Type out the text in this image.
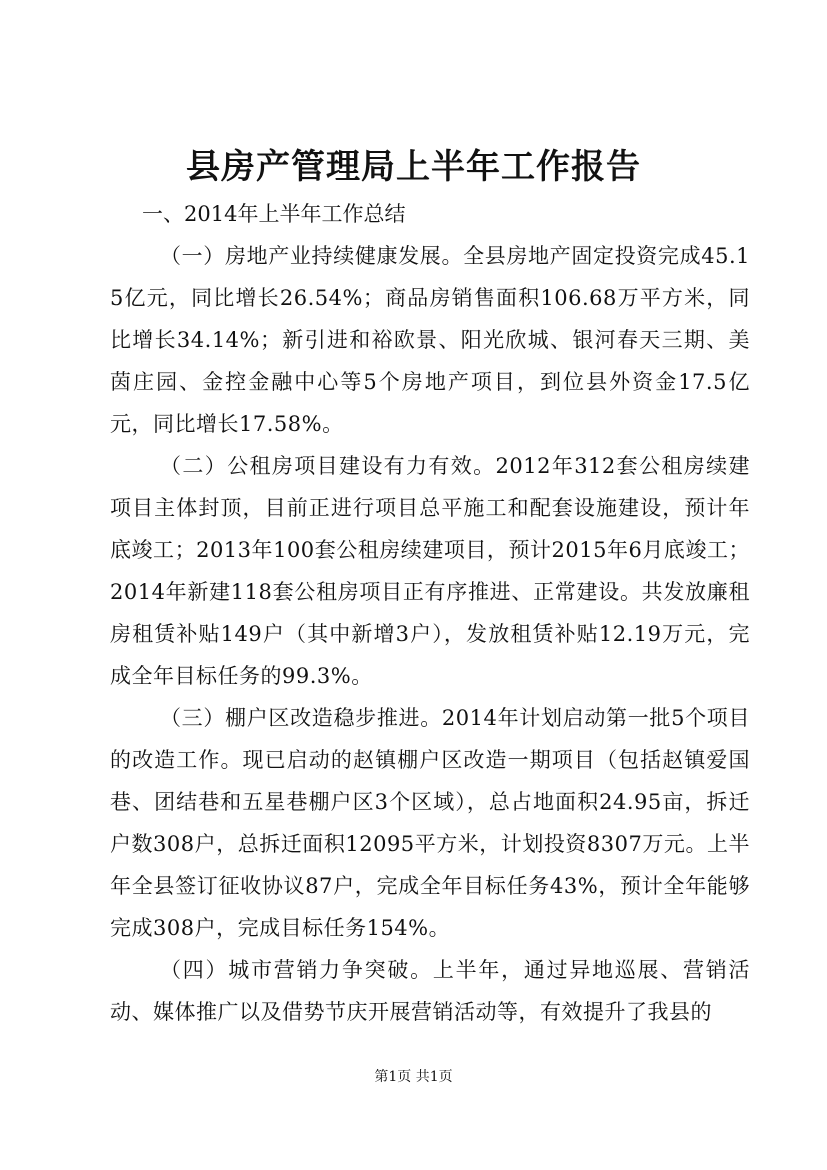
县房产管理局上半年工作报告

一、2014年上半年工作总结

（一）房地产业持续健康发展。全县房地产固定投资完成45.15亿元，同比增长26.54%；商品房销售面积106.68万平方米，同比增长34.14%；新引进和裕欧景、阳光欣城、银河春天三期、美茵庄园、金控金融中心等5个房地产项目，到位县外资金17.5亿元，同比增长17.58%。

（二）公租房项目建设有力有效。2012年312套公租房续建项目主体封顶，目前正进行项目总平施工和配套设施建设，预计年底竣工；2013年100套公租房续建项目，预计2015年6月底竣工；2014年新建118套公租房项目正有序推进、正常建设。共发放廉租房租赁补贴149户（其中新增3户），发放租赁补贴12.19万元，完成全年目标任务的99.3%。

（三）棚户区改造稳步推进。2014年计划启动第一批5个项目的改造工作。现已启动的赵镇棚户区改造一期项目（包括赵镇爱国巷、团结巷和五星巷棚户区3个区域），总占地面积24.95亩，拆迁户数308户，总拆迁面积12095平方米，计划投资8307万元。上半年全县签订征收协议87户，完成全年目标任务43%，预计全年能够完成308户，完成目标任务154%。

（四）城市营销力争突破。上半年，通过异地巡展、营销活动、媒体推广以及借势节庆开展营销活动等，有效提升了我县的

第1页 共1页
